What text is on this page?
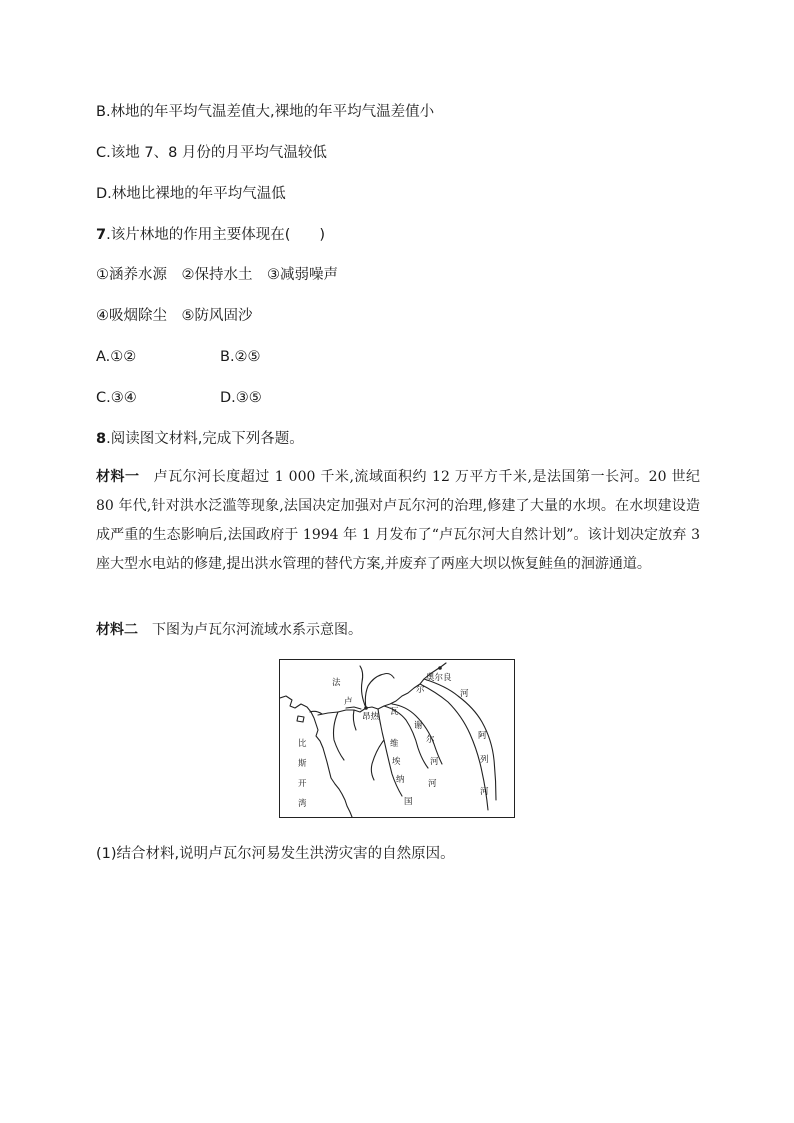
B.林地的年平均气温差值大,裸地的年平均气温差值小
C.该地 7、8 月份的月平均气温较低
D.林地比裸地的年平均气温低
7.该片林地的作用主要体现在(　　)
①涵养水源　②保持水土　③减弱噪声
④吸烟除尘　⑤防风固沙
A.①②	B.②⑤
C.③④	D.③⑤
8.阅读图文材料,完成下列各题。
材料一 卢瓦尔河长度超过 1 000 千米,流域面积约 12 万平方千米,是法国第一长河。20 世纪 80 年代,针对洪水泛滥等现象,法国决定加强对卢瓦尔河的治理,修建了大量的水坝。在水坝建设造成严重的生态影响后,法国政府于 1994 年 1 月发布了“卢瓦尔河大自然计划”。该计划决定放弃 3 座大型水电站的修建,提出洪水管理的替代方案,并废弃了两座大坝以恢复鲑鱼的洄游通道。
材料二 下图为卢瓦尔河流域水系示意图。
法
卢
昂热 瓦
尔
奥尔良
河
比
斯
开
湾
谢
尔
河
维
埃
纳	河
阿
列
河
国
(1)结合材料,说明卢瓦尔河易发生洪涝灾害的自然原因。
